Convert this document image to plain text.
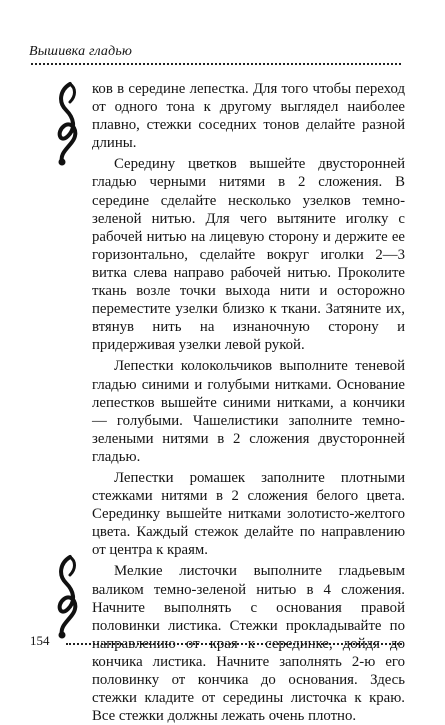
Вышивка гладью

ков в середине лепестка. Для того чтобы переход от одного тона к другому выглядел наиболее плавно, стежки соседних тонов делайте разной длины.

Середину цветков вышейте двусторонней гладью черными нитями в 2 сложения. В середине сделайте несколько узелков темно-зеленой нитью. Для чего вытяните иголку с рабочей нитью на лицевую сторону и держите ее горизонтально, сделайте вокруг иголки 2—3 витка слева направо рабочей нитью. Проколите ткань возле точки выхода нити и осторожно переместите узелки близко к ткани. Затяните их, втянув нить на изнаночную сторону и придерживая узелки левой рукой.

Лепестки колокольчиков выполните теневой гладью синими и голубыми нитками. Основание лепестков вышейте синими нитками, а кончики — голубыми. Чашелистики заполните темно-зелеными нитями в 2 сложения двусторонней гладью.

Лепестки ромашек заполните плотными стежками нитями в 2 сложения белого цвета. Серединку вышейте нитками золотисто-желтого цвета. Каждый стежок делайте по направлению от центра к краям.

Мелкие листочки выполните гладьевым валиком темно-зеленой нитью в 4 сложения. Начните выполнять с основания правой половинки листика. Стежки прокладывайте по направлению от края к серединке, дойдя до кончика листика. Начните заполнять 2-ю его половинку от кончика до основания. Здесь стежки кладите от середины листочка к краю. Все стежки должны лежать очень плотно.

154
